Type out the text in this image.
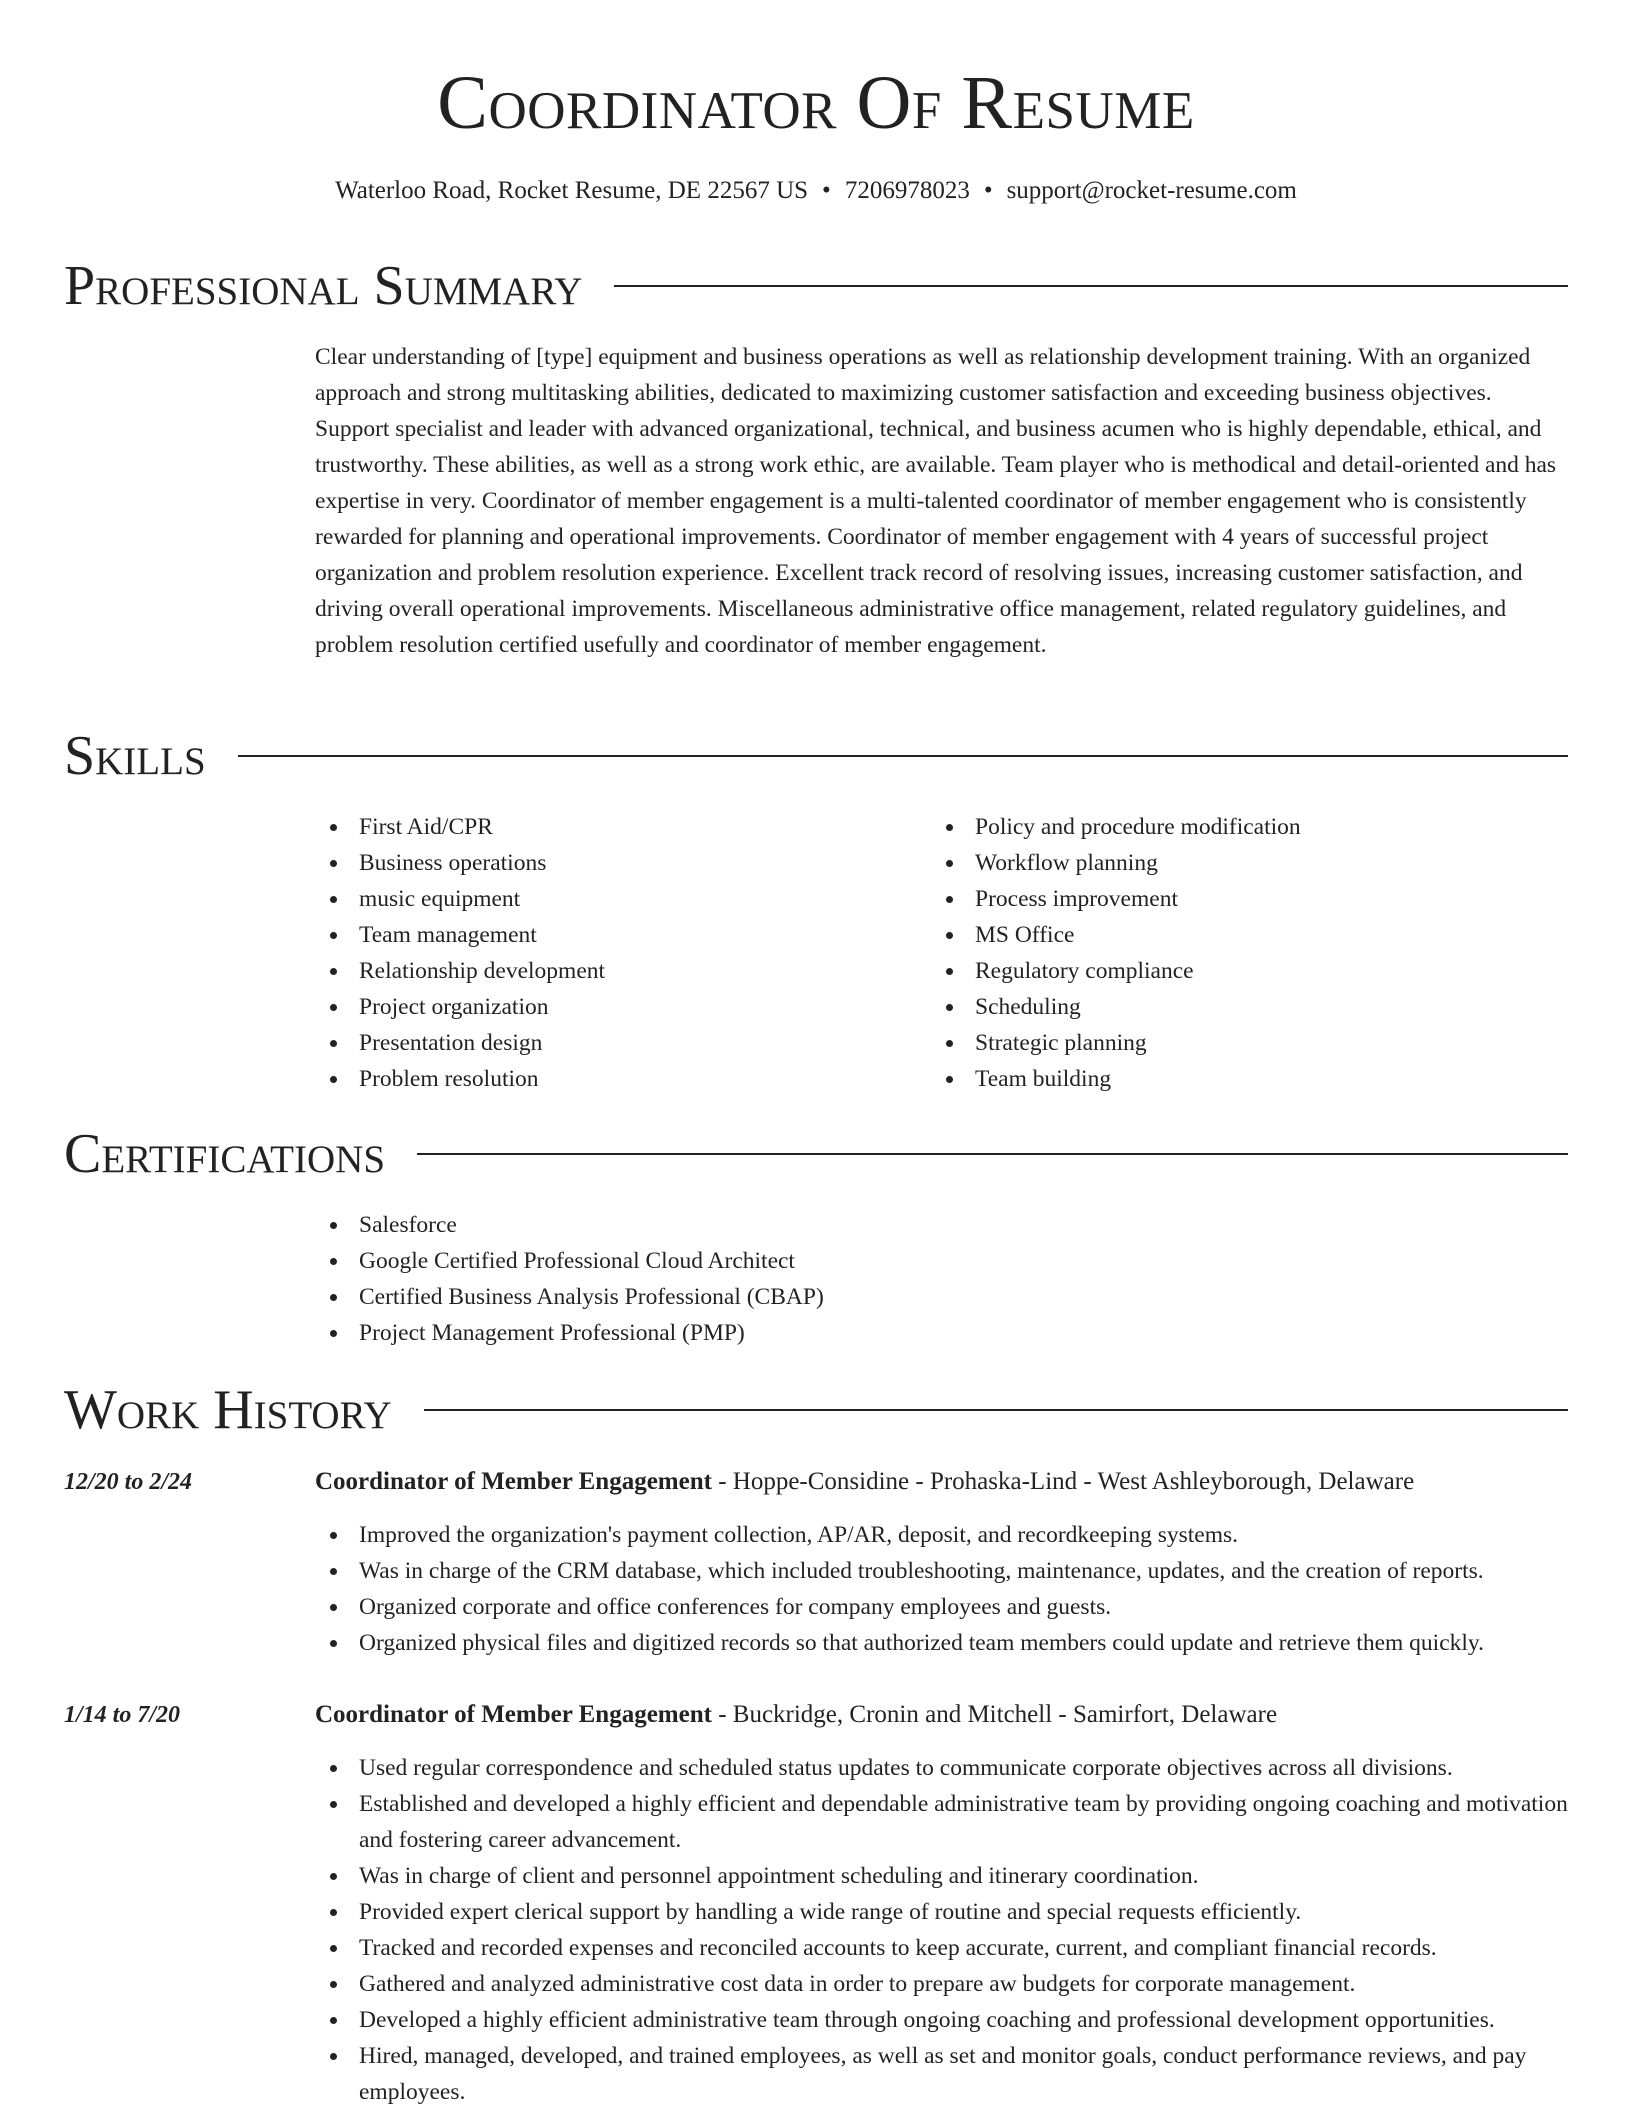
Coordinator Of Resume
Waterloo Road, Rocket Resume, DE 22567 US • 7206978023 • support@rocket-resume.com
Professional Summary

Clear understanding of [type] equipment and business operations as well as relationship development training. With an organized approach and strong multitasking abilities, dedicated to maximizing customer satisfaction and exceeding business objectives. Support specialist and leader with advanced organizational, technical, and business acumen who is highly dependable, ethical, and trustworthy. These abilities, as well as a strong work ethic, are available. Team player who is methodical and detail-oriented and has expertise in very. Coordinator of member engagement is a multi-talented coordinator of member engagement who is consistently rewarded for planning and operational improvements. Coordinator of member engagement with 4 years of successful project organization and problem resolution experience. Excellent track record of resolving issues, increasing customer satisfaction, and driving overall operational improvements. Miscellaneous administrative office management, related regulatory guidelines, and problem resolution certified usefully and coordinator of member engagement.

Skills
First Aid/CPR
Business operations
music equipment
Team management
Relationship development
Project organization
Presentation design
Problem resolution
Policy and procedure modification
Workflow planning
Process improvement
MS Office
Regulatory compliance
Scheduling
Strategic planning
Team building
Certifications
Salesforce
Google Certified Professional Cloud Architect
Certified Business Analysis Professional (CBAP)
Project Management Professional (PMP)
Work History
12/20 to 2/24	Coordinator of Member Engagement - Hoppe-Considine - Prohaska-Lind - West Ashleyborough, Delaware
Improved the organization's payment collection, AP/AR, deposit, and recordkeeping systems.
Was in charge of the CRM database, which included troubleshooting, maintenance, updates, and the creation of reports.
Organized corporate and office conferences for company employees and guests.
Organized physical files and digitized records so that authorized team members could update and retrieve them quickly.
1/14 to 7/20	Coordinator of Member Engagement - Buckridge, Cronin and Mitchell - Samirfort, Delaware
Used regular correspondence and scheduled status updates to communicate corporate objectives across all divisions.
Established and developed a highly efficient and dependable administrative team by providing ongoing coaching and motivation and fostering career advancement.
Was in charge of client and personnel appointment scheduling and itinerary coordination.
Provided expert clerical support by handling a wide range of routine and special requests efficiently.
Tracked and recorded expenses and reconciled accounts to keep accurate, current, and compliant financial records.
Gathered and analyzed administrative cost data in order to prepare aw budgets for corporate management.
Developed a highly efficient administrative team through ongoing coaching and professional development opportunities.
Hired, managed, developed, and trained employees, as well as set and monitor goals, conduct performance reviews, and pay employees.
